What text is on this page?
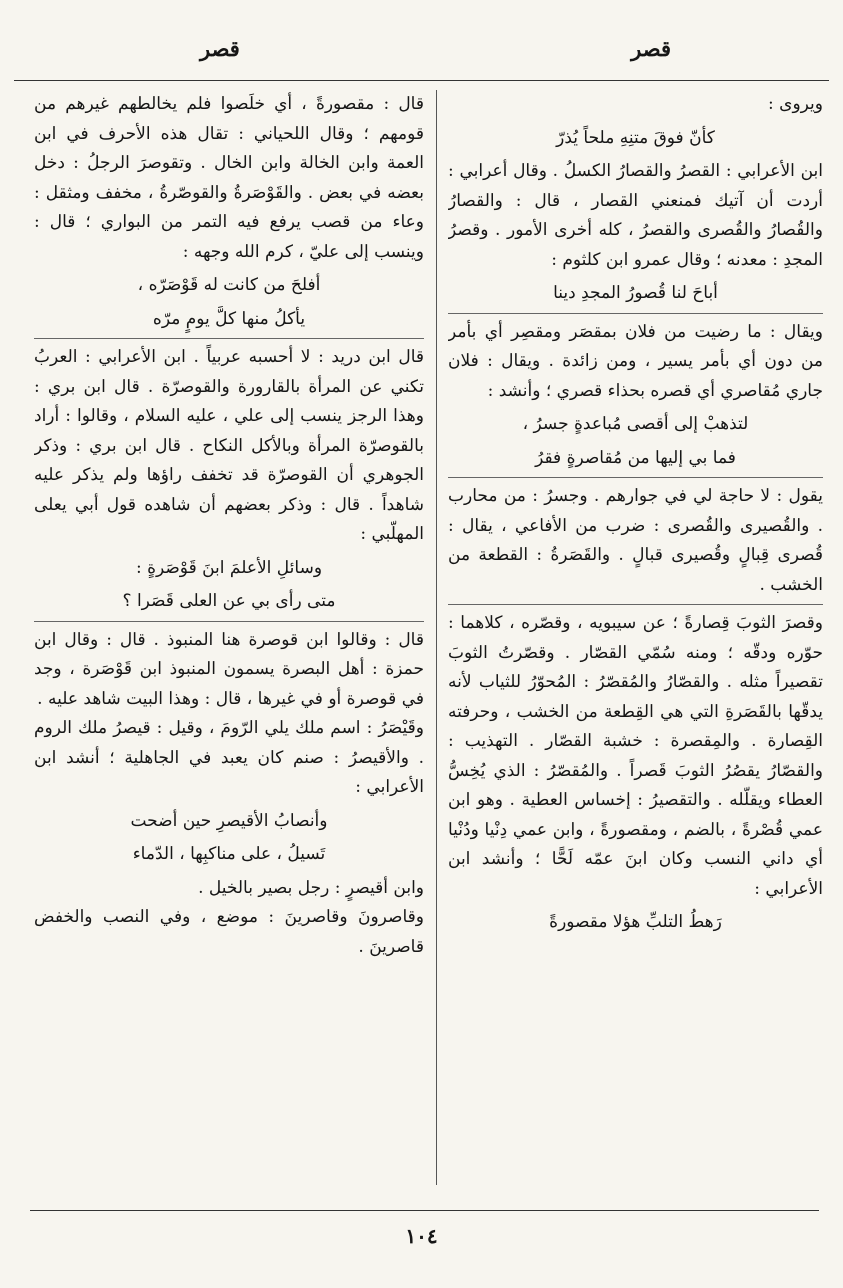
قصر
قصر

ويروى :

كأنّ فوقَ متنِهِ ملحاً يُذرّ

ابن الأعرابي : القصرُ والقصارُ الكسلُ . وقال أعرابي : أردت أن آتيك فمنعني القصار ، قال : والقصارُ والقُصارُ والقُصرى والقصرُ ، كله أخرى الأمور . وقصرُ المجدِ : معدنه ؛ وقال عمرو ابن كلثوم :

أباحَ لنا قُصورُ المجدِ دينا

ويقال : ما رضيت من فلان بمقصَر ومقصِر أي بأمر من دون أي بأمر يسير ، ومن زائدة . ويقال : فلان جاري مُقاصري أي قصره بحذاء قصري ؛ وأنشد :

لتذهبْ إلى أقصى مُباعدةٍ جسرُ ،

فما بي إليها من مُقاصرةٍ فقرُ

يقول : لا حاجة لي في جوارهم . وجسرُ : من محارب . والقُصيرى والقُصرى : ضرب من الأفاعي ، يقال : قُصرى قِبالٍ وقُصيرى قبالٍ . والقَصَرةُ : القطعة من الخشب .

وقصرَ الثوبَ قِصارةً ؛ عن سيبويه ، وقصّره ، كلاهما : حوّره ودقّه ؛ ومنه سُمّي القصّار . وقصّرتُ الثوبَ تقصيراً مثله . والقصّارُ والمُقصّرُ : المُحوّرُ للثياب لأنه يدقّها بالقَصَرةِ التي هي القِطعة من الخشب ، وحرفته القِصارة . والمِقصرة : خشبة القصّار . التهذيب : والقصّارُ يقصُرُ الثوبَ قَصراً . والمُقصّرُ : الذي يُخِسُّ العطاء ويقلّله . والتقصيرُ : إخساس العطية . وهو ابن عمي قُصْرةً ، بالضم ، ومقصورةً ، وابن عمي دِنْيا ودُنْيا أي داني النسب وكان ابنَ عمّه لَحًّا ؛ وأنشد ابن الأعرابي :

رَهطُ التلبِّ هؤلا مقصورةً

قال : مقصورةً ، أي خلَصوا فلم يخالطهم غيرهم من قومهم ؛ وقال اللحياني : تقال هذه الأحرف في ابن العمة وابن الخالة وابن الخال . وتقوصرَ الرجلُ : دخل بعضه في بعض . والقَوْصَرةُ والقوصّرةُ ، مخفف ومثقل : وعاء من قصب يرفع فيه التمر من البواري ؛ قال : وينسب إلى عليّ ، كرم الله وجهه :

أفلحَ من كانت له قَوْصَرّه ،

يأكلُ منها كلَّ يومٍ مرّه

قال ابن دريد : لا أحسبه عربياً . ابن الأعرابي : العربُ تكني عن المرأة بالقارورة والقوصرّة . قال ابن بري : وهذا الرجز ينسب إلى علي ، عليه السلام ، وقالوا : أراد بالقوصرّة المرأة وبالأكل النكاح . قال ابن بري : وذكر الجوهري أن القوصرّة قد تخفف راؤها ولم يذكر عليه شاهداً . قال : وذكر بعضهم أن شاهده قول أبي يعلى المهلّبي :

وسائلِ الأعلمَ ابنَ قَوْصَرةٍ :

متى رأى بي عن العلى قَصَرا ؟

قال : وقالوا ابن قوصرة هنا المنبوذ . قال : وقال ابن حمزة : أهل البصرة يسمون المنبوذ ابن قَوْصَرة ، وجد في قوصرة أو في غيرها ، قال : وهذا البيت شاهد عليه .

وقَيْصَرُ : اسم ملك يلي الرّومَ ، وقيل : قيصرُ ملك الروم . والأقيصرُ : صنم كان يعبد في الجاهلية ؛ أنشد ابن الأعرابي :

وأنصابُ الأقيصرِ حين أضحت

تَسيلُ ، على مناكبِها ، الدّماء

وابن أقيصرٍ : رجل بصير بالخيل .

وقاصرونَ وقاصرينَ : موضع ، وفي النصب والخفض قاصرينَ .

١٠٤
